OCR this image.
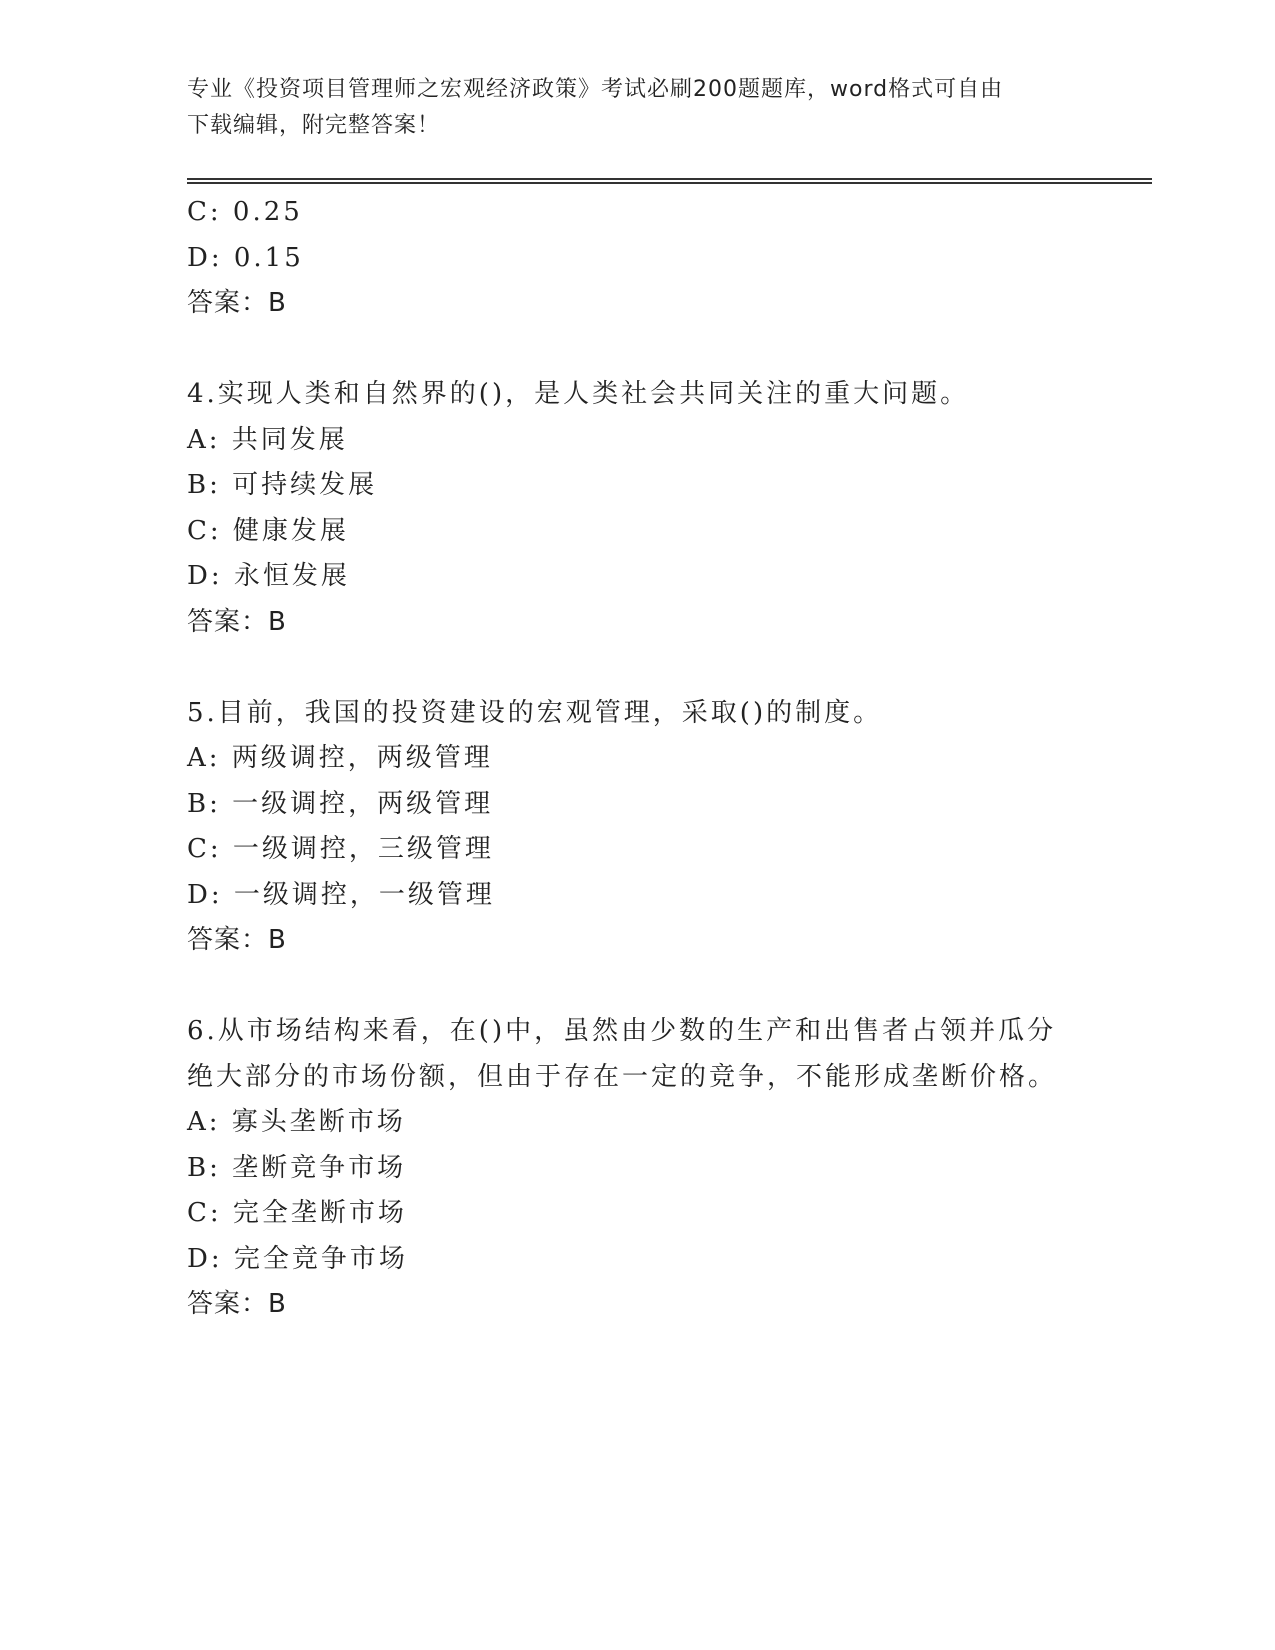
专业《投资项目管理师之宏观经济政策》考试必刷200题题库，word格式可自由
下载编辑，附完整答案！
C: 0.25
D: 0.15
答案：B
4.实现人类和自然界的()，是人类社会共同关注的重大问题。
A: 共同发展
B: 可持续发展
C: 健康发展
D: 永恒发展
答案：B
5.目前，我国的投资建设的宏观管理，采取()的制度。
A: 两级调控，两级管理
B: 一级调控，两级管理
C: 一级调控，三级管理
D: 一级调控，一级管理
答案：B
6.从市场结构来看，在()中，虽然由少数的生产和出售者占领并瓜分
绝大部分的市场份额，但由于存在一定的竞争，不能形成垄断价格。
A: 寡头垄断市场
B: 垄断竞争市场
C: 完全垄断市场
D: 完全竞争市场
答案：B
